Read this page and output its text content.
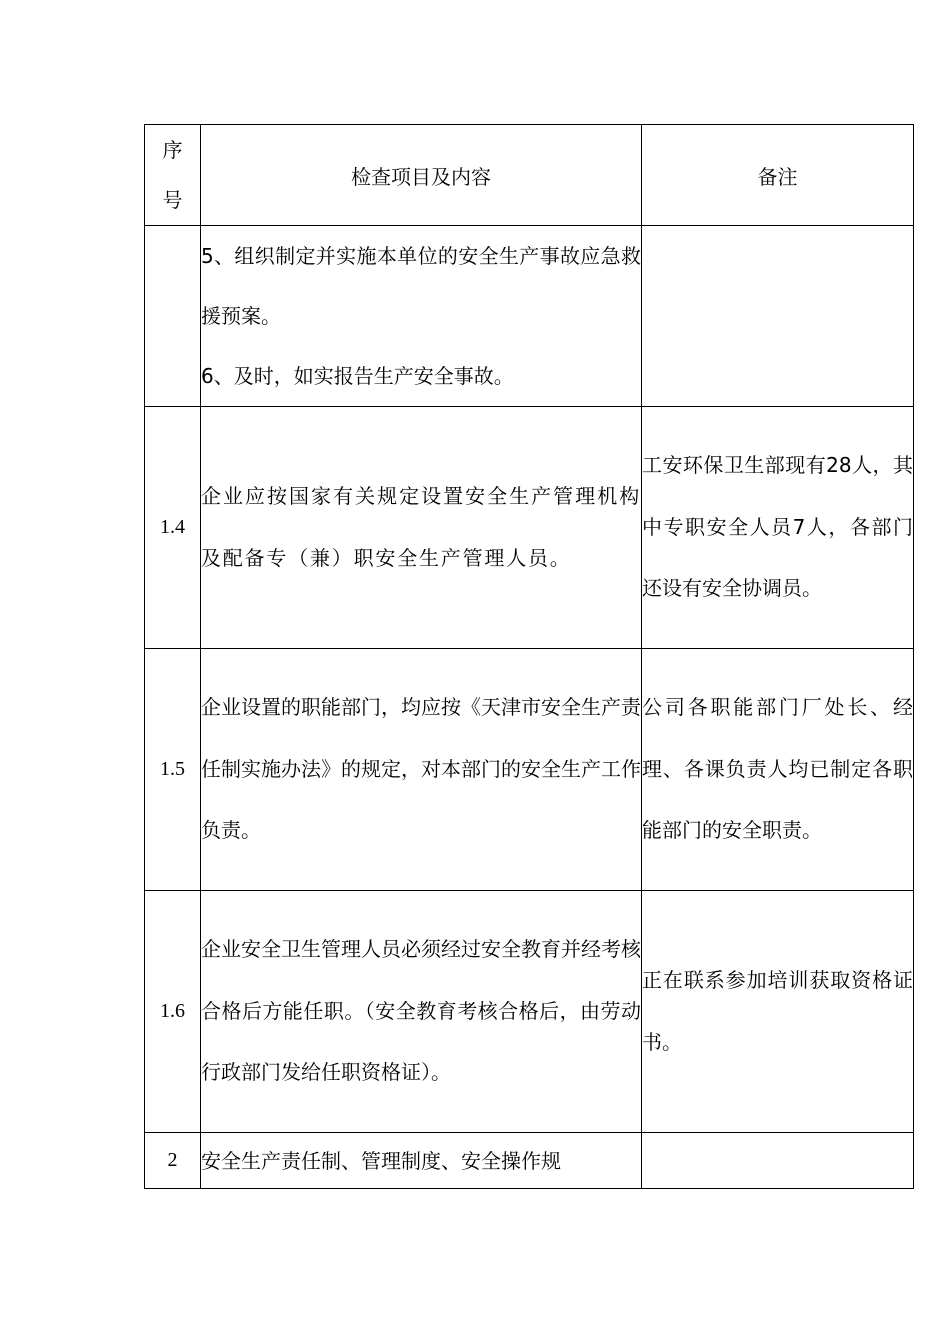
序
号	检查项目及内容	备注

	5、组织制定并实施本单位的安全生产事故应急救援预案。

6、及时，如实报告生产安全事故。	

1.4	企业应按国家有关规定设置安全生产管理机构及配备专（兼）职安全生产管理人员。	工安环保卫生部现有28人，其中专职安全人员7人，各部门还设有安全协调员。
1.5	企业设置的职能部门，均应按《天津市安全生产责任制实施办法》的规定，对本部门的安全生产工作负责。	公司各职能部门厂处长、经理、各课负责人均已制定各职能部门的安全职责。
1.6	企业安全卫生管理人员必须经过安全教育并经考核合格后方能任职。（安全教育考核合格后，由劳动行政部门发给任职资格证）。	正在联系参加培训获取资格证书。
2	安全生产责任制、管理制度、安全操作规	
